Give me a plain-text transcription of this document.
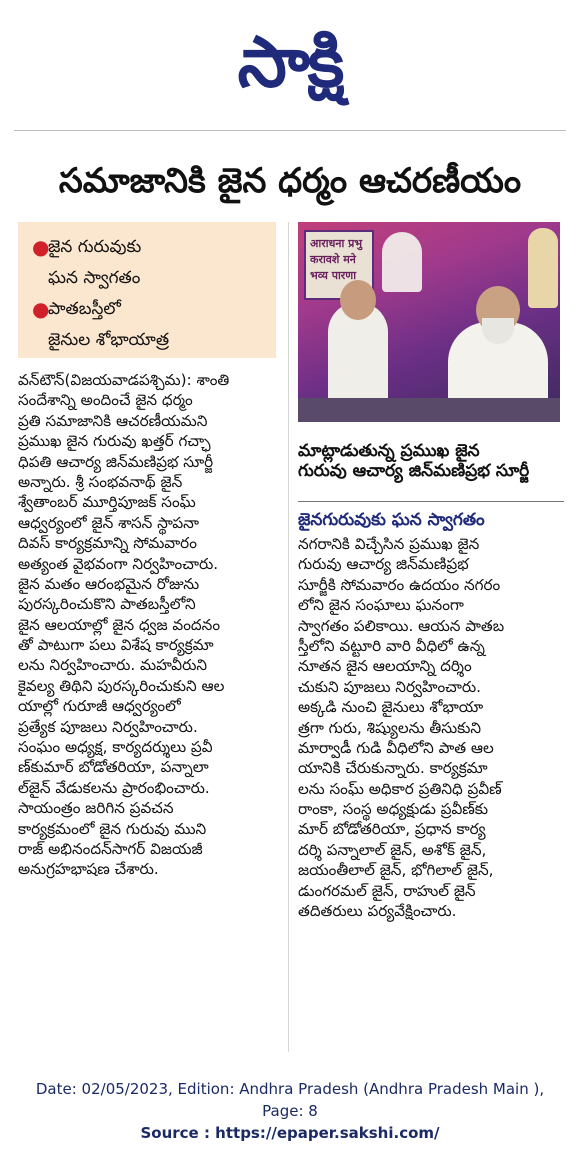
సాక్షి
సమాజానికి జైన ధర్మం ఆచరణీయం
●
జైన గురువుకు
ఘన స్వాగతం
●
పాతబస్తీలో
జైనుల శోభాయాత్ర
आराधना प्रभु करावशे मने भव्य पारणा
మాట్లాడుతున్న ప్రముఖ జైన
గురువు ఆచార్య జిన్‌మణిప్రభ సూర్జీ
వన్‌టౌన్(విజయవాడపశ్చిమ): శాంతి
సందేశాన్ని అందించే జైన ధర్మం
ప్రతి సమాజానికి ఆచరణీయమని
ప్రముఖ జైన గురువు ఖత్తర్ గచ్ఛా
ధిపతి ఆచార్య జిన్‌మణిప్రభ సూర్జీ
అన్నారు. శ్రీ సంభవనాథ్ జైన్
శ్వేతాంబర్ మూర్తిపూజక్ సంఘ్
ఆధ్వర్యంలో జైన్ శాసన్ స్థాపనా
దివస్ కార్యక్రమాన్ని సోమవారం
అత్యంత వైభవంగా నిర్వహించారు.
జైన మతం ఆరంభమైన రోజును
పురస్కరించుకొని పాతబస్తీలోని
జైన ఆలయాల్లో జైన ధ్వజ వందనం
తో పాటుగా పలు విశేష కార్యక్రమా
లను నిర్వహించారు. మహవీరుని
కైవల్య తిథిని పురస్కరించుకుని ఆల
యాల్లో గురూజీ ఆధ్వర్యంలో
ప్రత్యేక పూజలు నిర్వహించారు.
సంఘం అధ్యక్ష, కార్యదర్శులు ప్రవీ
ణ్‌కుమార్ బోడోతరియా, పన్నాలా
ల్‌జైన్ వేడుకలను ప్రారంభించారు.
సాయంత్రం జరిగిన ప్రవచన
కార్యక్రమంలో జైన గురువు ముని
రాజ్ అభినందన్‌సాగర్ విజయజీ
అనుగ్రహభాషణ చేశారు.
జైనగురువుకు ఘన స్వాగతం
నగరానికి విచ్చేసిన ప్రముఖ జైన
గురువు ఆచార్య జిన్‌మణిప్రభ
సూర్జీకి సోమవారం ఉదయం నగరం
లోని జైన సంఘాలు ఘనంగా
స్వాగతం పలికాయి. ఆయన పాతబ
స్తీలోని వట్టూరి వారి వీధిలో ఉన్న
నూతన జైన ఆలయాన్ని దర్శిం
చుకుని పూజలు నిర్వహించారు.
అక్కడి నుంచి జైనులు శోభాయా
త్రగా గురు, శిష్యులను తీసుకుని
మార్వాడీ గుడి వీధిలోని పాత ఆల
యానికి చేరుకున్నారు. కార్యక్రమా
లను సంఘ్ అధికార ప్రతినిధి ప్రవీణ్
రాంకా, సంస్థ అధ్యక్షుడు ప్రవీణ్‌కు
మార్ బోడోతరియా, ప్రధాన కార్య
దర్శి పన్నాలాల్ జైన్, అశోక్ జైన్,
జయంతీలాల్ జైన్, భోగిలాల్ జైన్,
డుంగరమల్ జైన్, రాహుల్ జైన్
తదితరులు పర్యవేక్షించారు.
Date: 02/05/2023, Edition: Andhra Pradesh (Andhra Pradesh Main ),
Page: 8
Source : https://epaper.sakshi.com/
